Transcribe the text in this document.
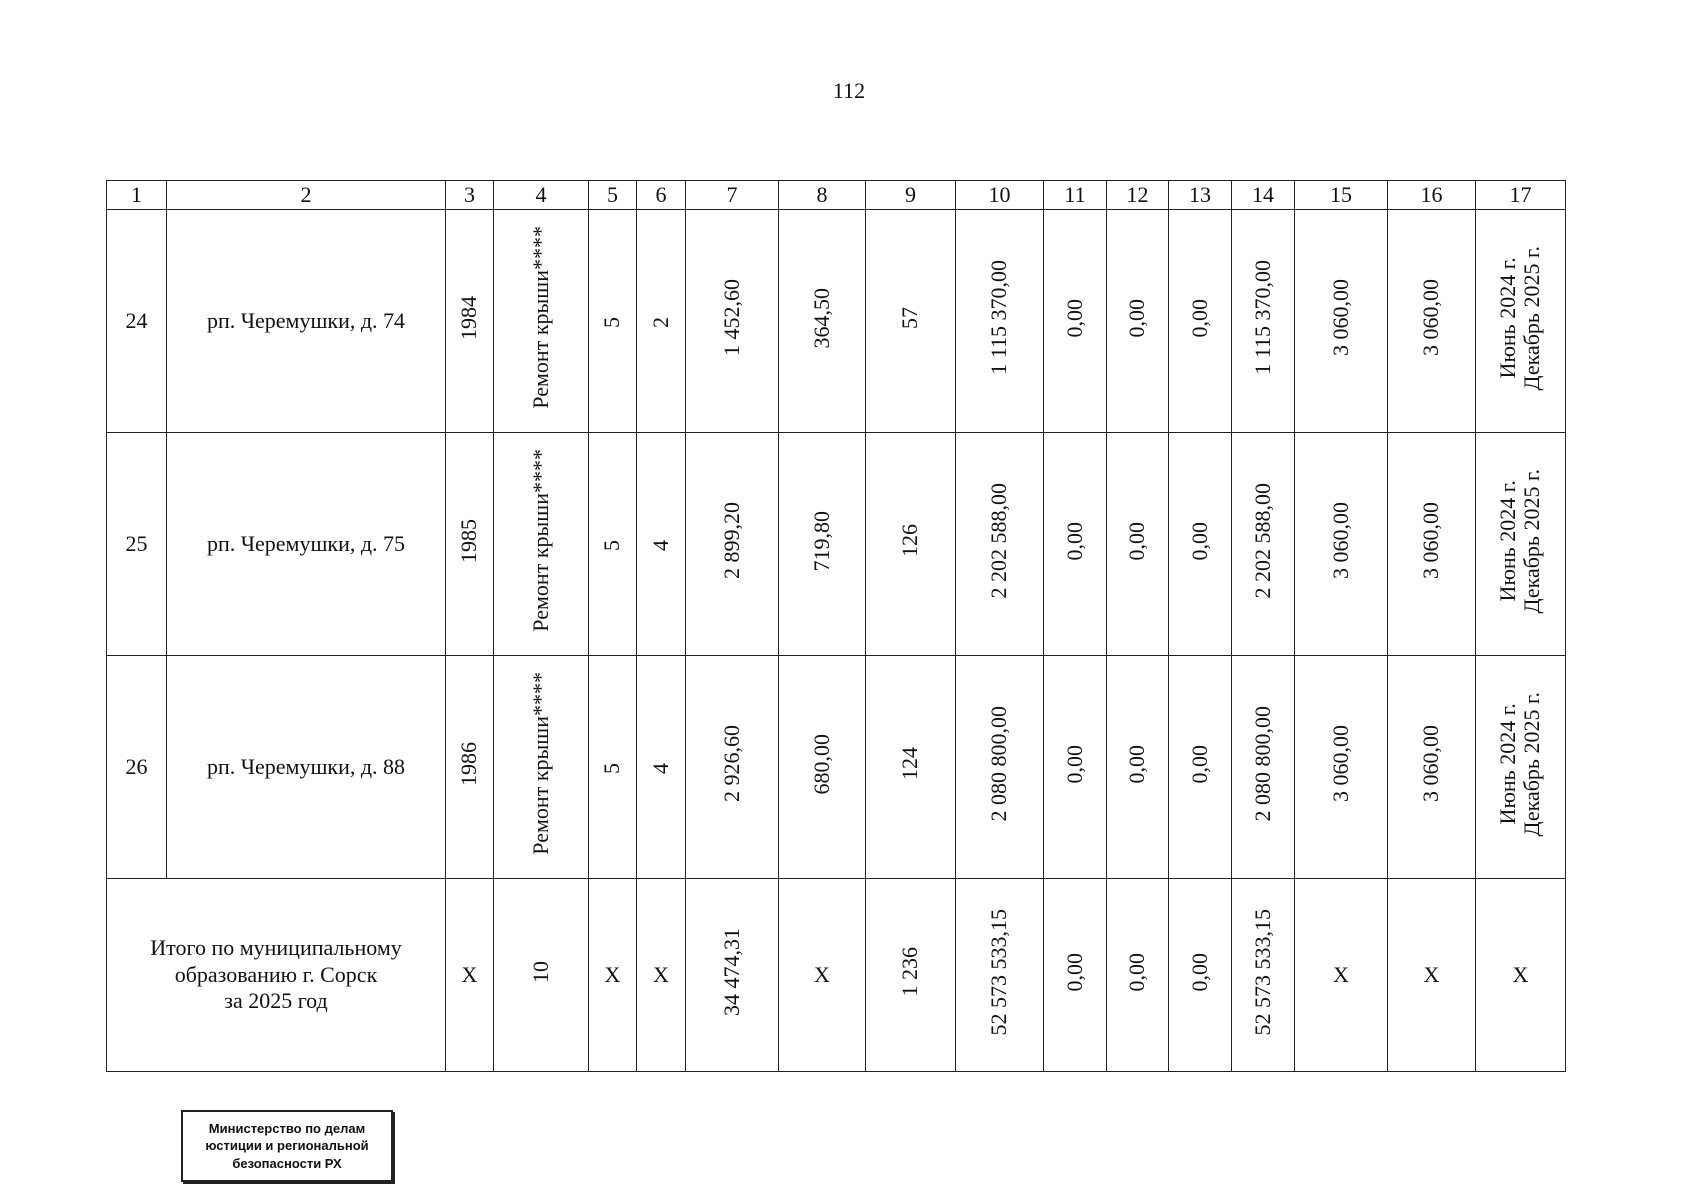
112
1	2	3	4	5	6	7	8	9	10	11	12	13	14	15	16	17
24	рп. Черемушки, д. 74	1984	Ремонт крыши****	5	2	1 452,60	364,50	57	1 115 370,00	0,00	0,00	0,00	1 115 370,00	3 060,00	3 060,00	Июнь 2024 г.
Декабрь 2025 г.
25	рп. Черемушки, д. 75	1985	Ремонт крыши****	5	4	2 899,20	719,80	126	2 202 588,00	0,00	0,00	0,00	2 202 588,00	3 060,00	3 060,00	Июнь 2024 г.
Декабрь 2025 г.
26	рп. Черемушки, д. 88	1986	Ремонт крыши****	5	4	2 926,60	680,00	124	2 080 800,00	0,00	0,00	0,00	2 080 800,00	3 060,00	3 060,00	Июнь 2024 г.
Декабрь 2025 г.
Итого по муниципальному
образованию г. Сорск
за 2025 год		Х	10	Х	Х	34 474,31	Х	1 236	52 573 533,15	0,00	0,00	0,00	52 573 533,15	Х	Х	Х
Министерство по делам
юстиции и региональной
безопасности РХ
